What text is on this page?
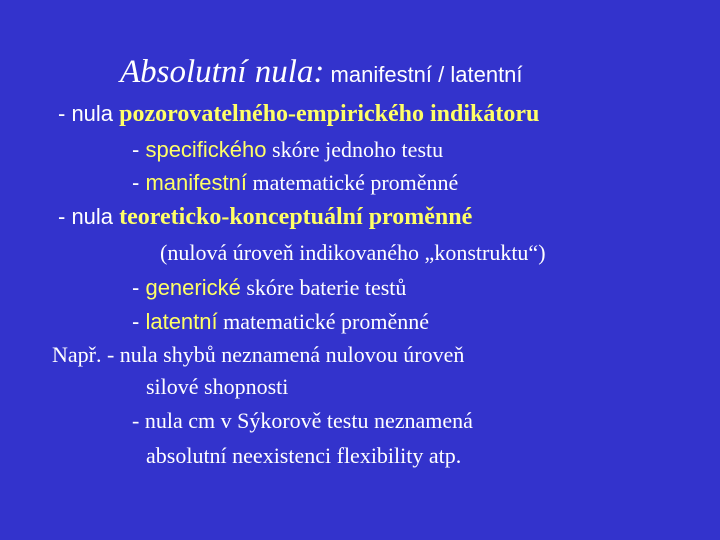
Absolutní nula: manifestní / latentní
- nula pozorovatelného-empirického indikátoru
- specifického skóre jednoho testu
- manifestní matematické proměnné
- nula teoreticko-konceptuální proměnné
(nulová úroveň indikovaného „konstruktu“)
- generické skóre baterie testů
- latentní matematické proměnné
Např. - nula shybů neznamená nulovou úroveň
silové shopnosti
- nula cm v Sýkorově testu neznamená
absolutní neexistenci flexibility atp.
